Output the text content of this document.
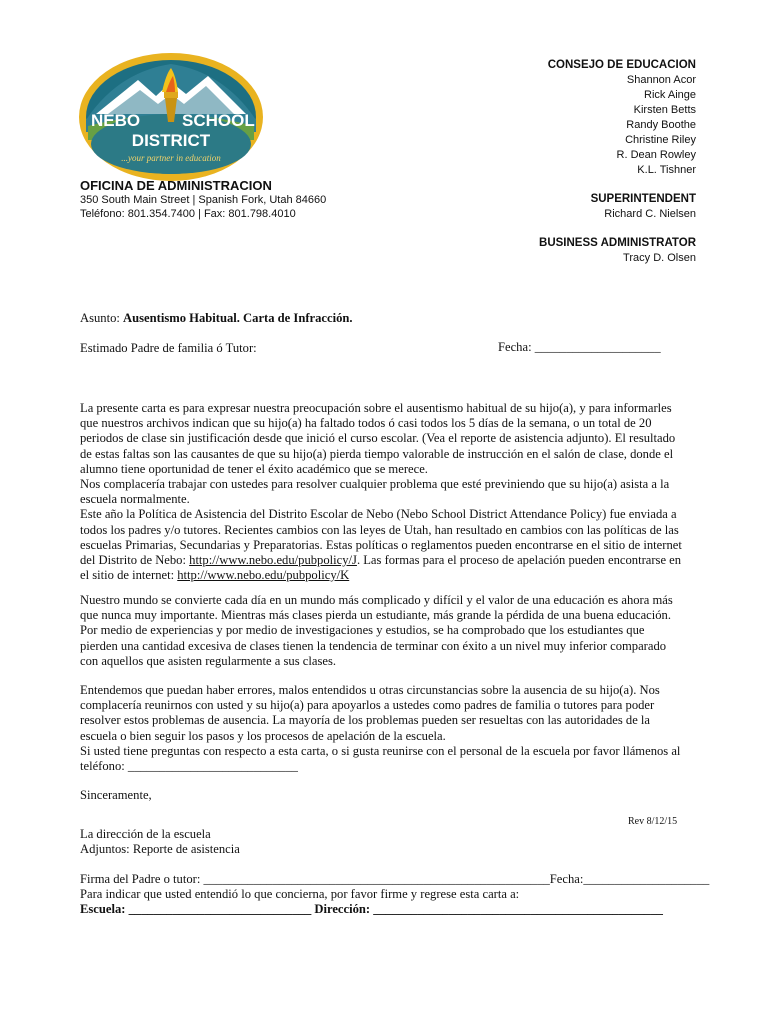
NEBO SCHOOL
DISTRICT
...your partner in education
CONSEJO DE EDUCACION
Shannon Acor
Rick Ainge
Kirsten Betts
Randy Boothe
Christine Riley
R. Dean Rowley
K.L. Tishner
SUPERINTENDENT
Richard C. Nielsen
BUSINESS ADMINISTRATOR
Tracy D. Olsen
OFICINA DE ADMINISTRACION
350 South Main Street | Spanish Fork, Utah 84660
Teléfono: 801.354.7400 | Fax: 801.798.4010
Asunto: Ausentismo Habitual. Carta de Infracción.
Estimado Padre de familia ó Tutor:	Fecha: ____________________

La presente carta es para expresar nuestra preocupación sobre el ausentismo habitual de su hijo(a), y para informarles que nuestros archivos indican que su hijo(a) ha faltado todos ó casi todos los 5 días de la semana, o un total de 20 periodos de clase sin justificación desde que inició el curso escolar. (Vea el reporte de asistencia adjunto). El resultado de estas faltas son las causantes de que su hijo(a) pierda tiempo valorable de instrucción en el salón de clase, donde el alumno tiene oportunidad de tener el éxito académico que se merece.

Nos complacería trabajar con ustedes para resolver cualquier problema que esté previniendo que su hijo(a) asista a la escuela normalmente.

Este año la Política de Asistencia del Distrito Escolar de Nebo (Nebo School District Attendance Policy) fue enviada a todos los padres y/o tutores. Recientes cambios con las leyes de Utah, han resultado en cambios con las políticas de las escuelas Primarias, Secundarias y Preparatorias. Estas políticas o reglamentos pueden encontrarse en el sitio de internet del Distrito de Nebo: http://www.nebo.edu/pubpolicy/J. Las formas para el proceso de apelación pueden encontrarse en el sitio de internet: http://www.nebo.edu/pubpolicy/K

Nuestro mundo se convierte cada día en un mundo más complicado y difícil y el valor de una educación es ahora más que nunca muy importante. Mientras más clases pierda un estudiante, más grande la pérdida de una buena educación. Por medio de experiencias y por medio de investigaciones y estudios, se ha comprobado que los estudiantes que pierden una cantidad excesiva de clases tienen la tendencia de terminar con éxito a un nivel muy inferior comparado con aquellos que asisten regularmente a sus clases.

Entendemos que puedan haber errores, malos entendidos u otras circunstancias sobre la ausencia de su hijo(a). Nos complacería reunirnos con usted y su hijo(a) para apoyarlos a ustedes como padres de familia o tutores para poder resolver estos problemas de ausencia. La mayoría de los problemas pueden ser resueltas con las autoridades de la escuela o bien seguir los pasos y los procesos de apelación de la escuela.

Si usted tiene preguntas con respecto a esta carta, o si gusta reunirse con el personal de la escuela por favor llámenos al teléfono: ___________________________

Sinceramente,
Rev 8/12/15
La dirección de la escuela
Adjuntos: Reporte de asistencia
Firma del Padre o tutor: _______________________________________________________Fecha:____________________
Para indicar que usted entendió lo que concierna, por favor firme y regrese esta carta a:
Escuela: _____________________________ Dirección: ______________________________________________
